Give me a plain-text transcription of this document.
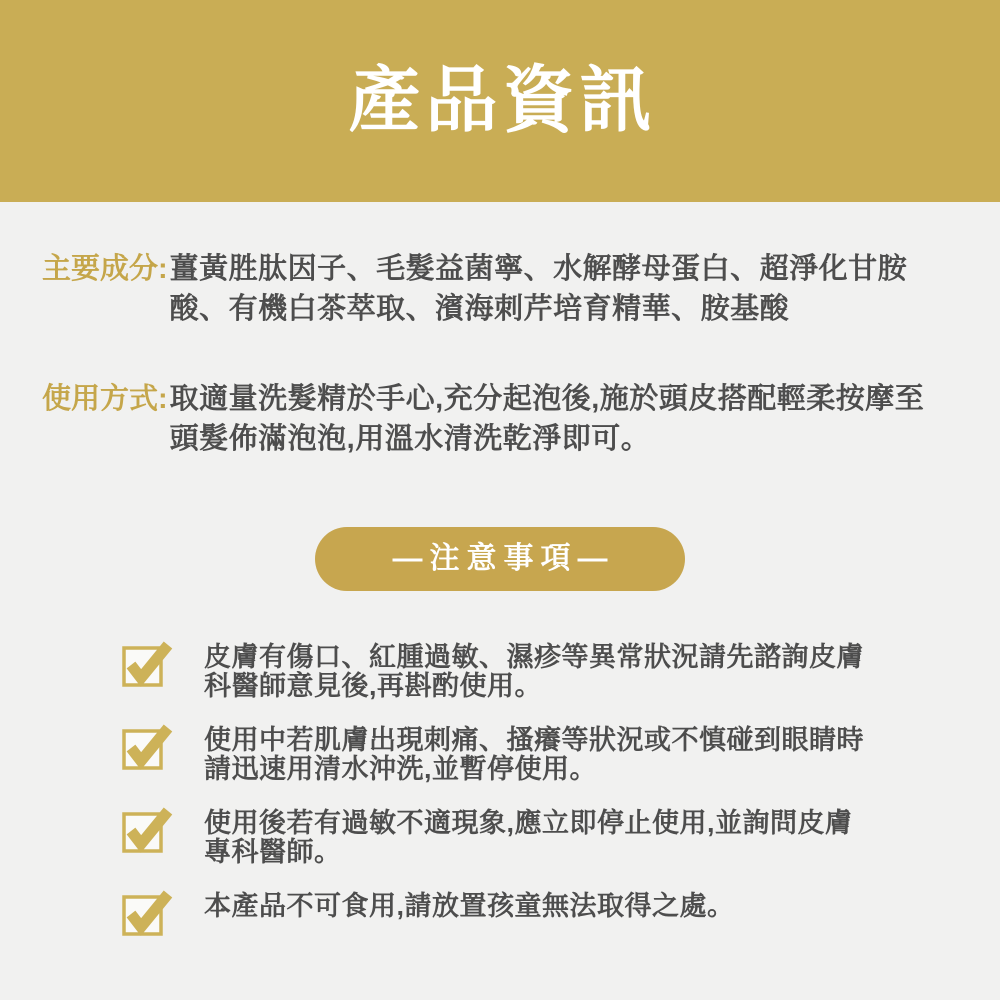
產品資訊
主要成分: 薑黃胜肽因子、毛髮益菌寧、水解酵母蛋白、超淨化甘胺酸、有機白茶萃取、濱海刺芹培育精華、胺基酸
使用方式: 取適量洗髮精於手心,充分起泡後,施於頭皮搭配輕柔按摩至頭髮佈滿泡泡,用溫水清洗乾淨即可。
—注意事項—

皮膚有傷口、紅腫過敏、濕疹等異常狀況請先諮詢皮膚科醫師意見後,再斟酌使用。

使用中若肌膚出現刺痛、搔癢等狀況或不慎碰到眼睛時請迅速用清水沖洗,並暫停使用。

使用後若有過敏不適現象,應立即停止使用,並詢問皮膚專科醫師。

本產品不可食用,請放置孩童無法取得之處。
